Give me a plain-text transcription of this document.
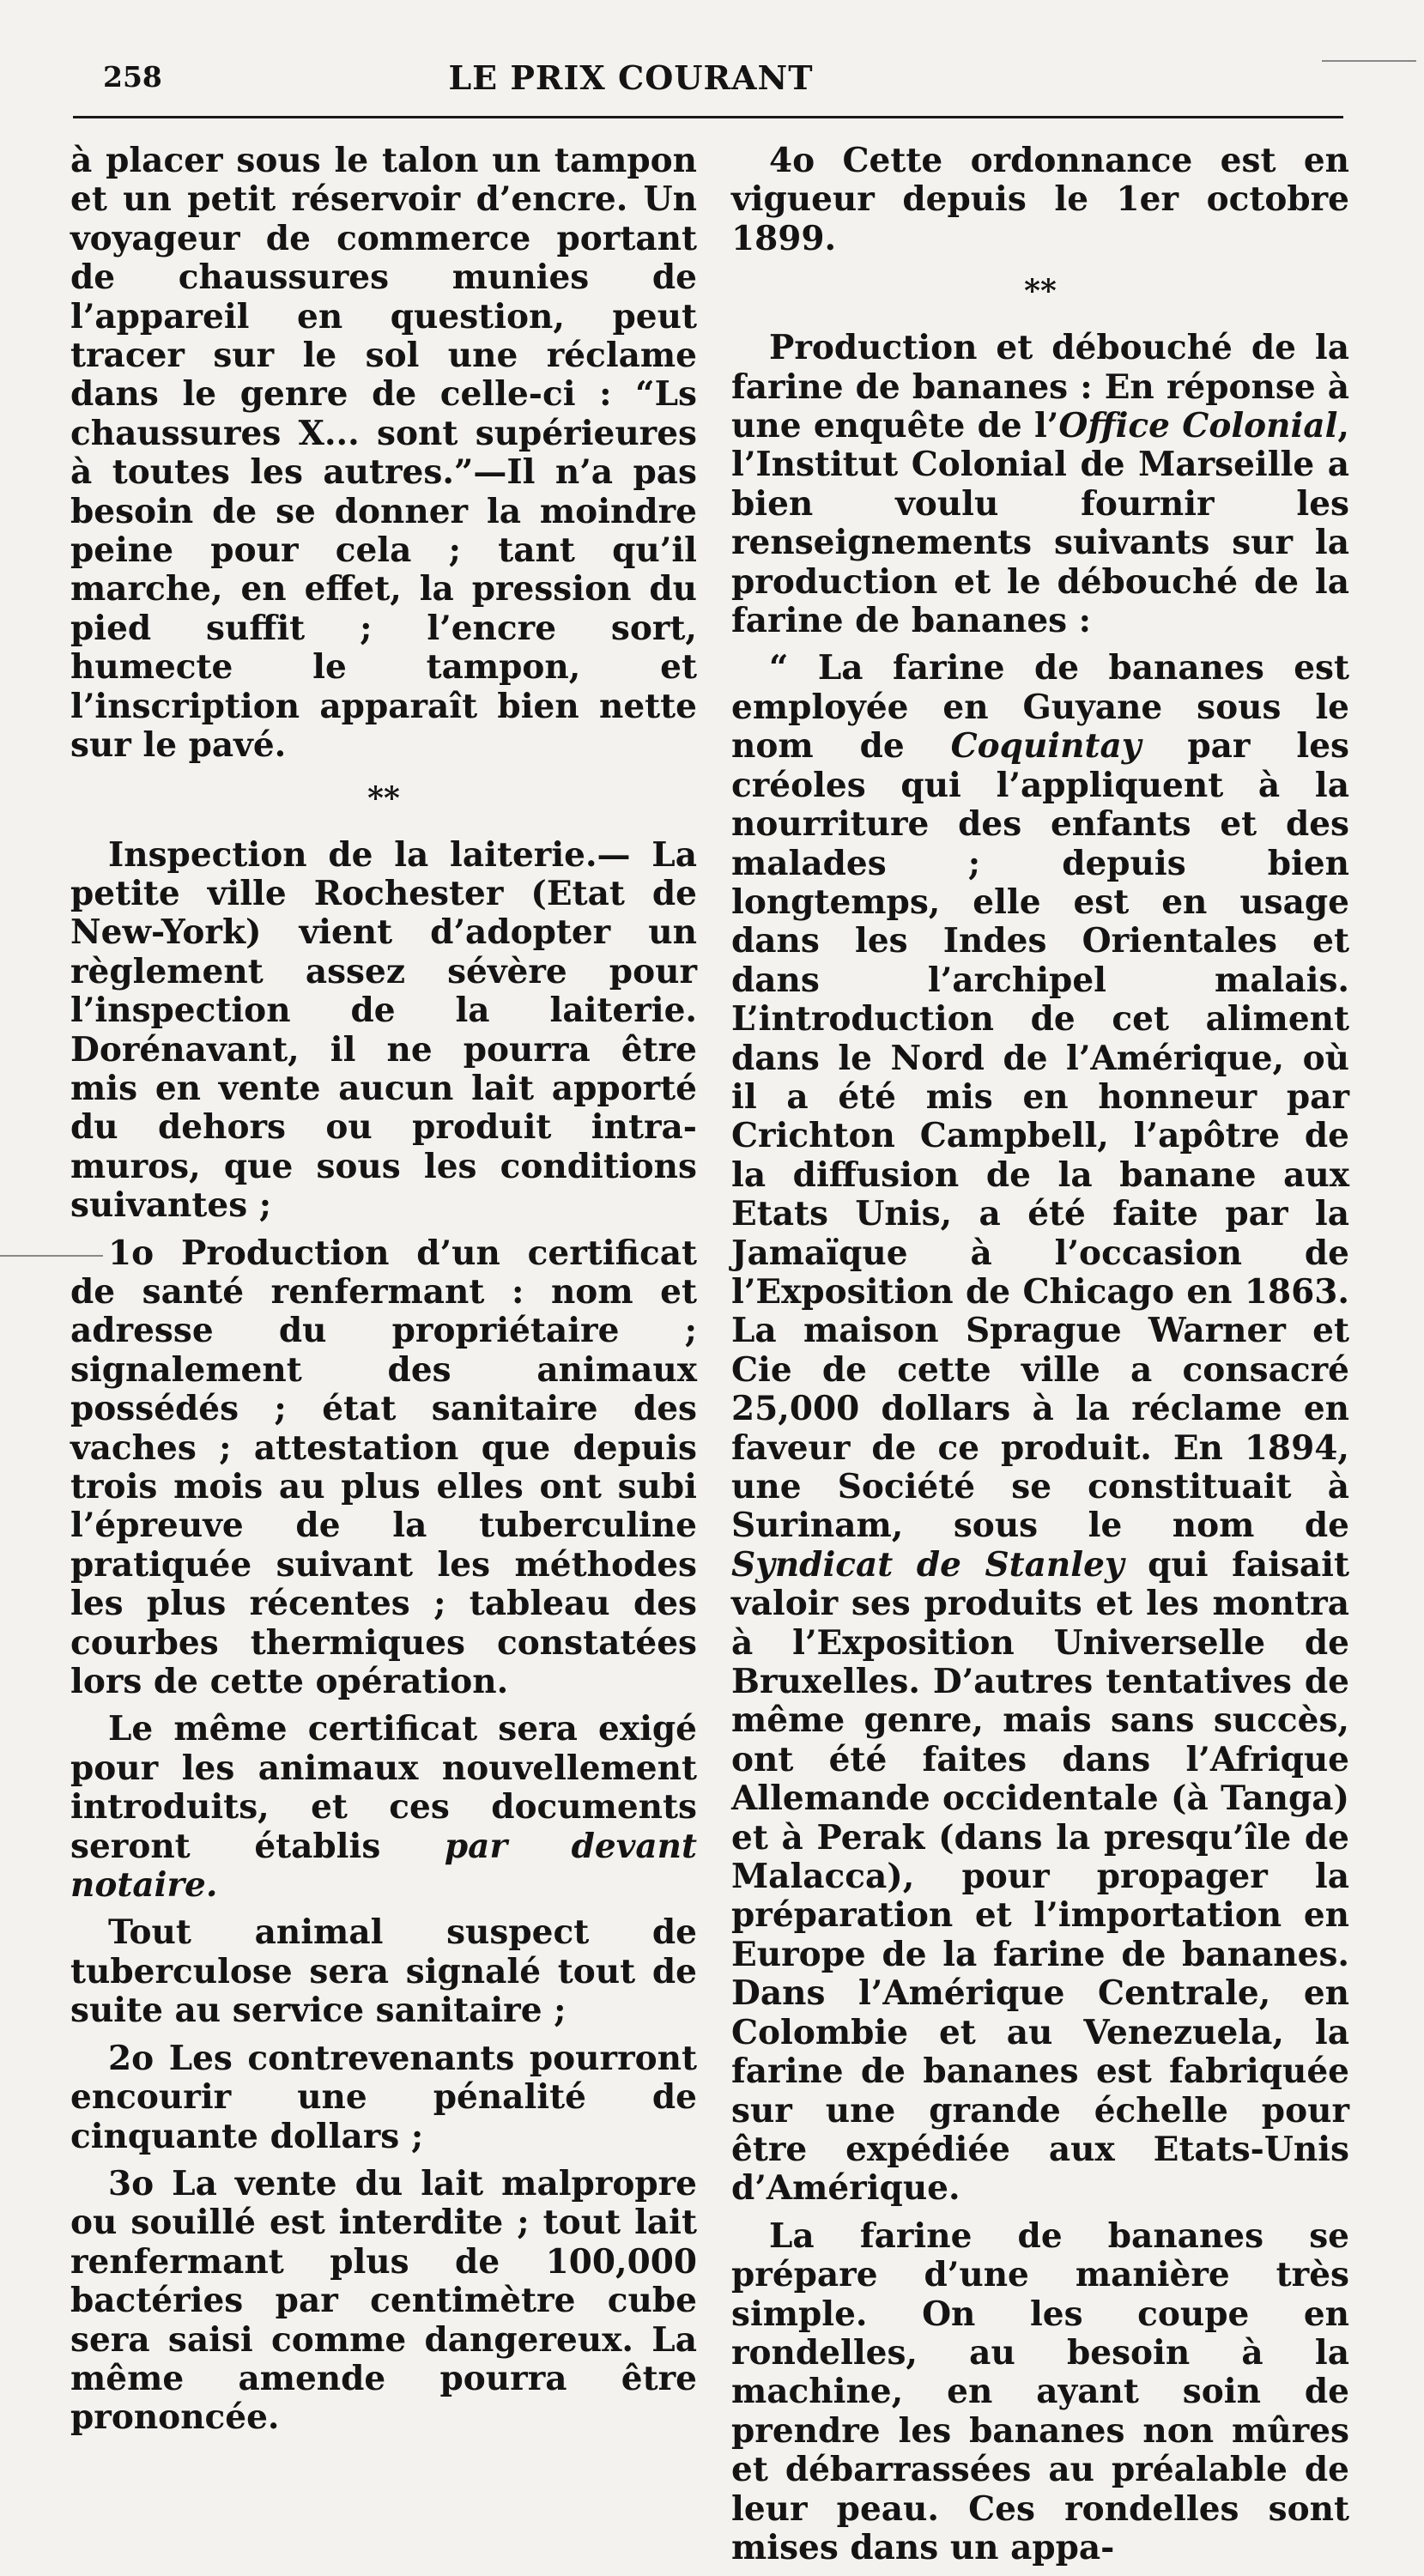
258	LE PRIX COURANT

à placer sous le talon un tampon et un petit réservoir d’encre. Un voyageur de commerce portant de chaussures munies de l’appareil en question, peut tracer sur le sol une réclame dans le genre de celle-ci : “Ls chaussures X... sont supérieures à toutes les autres.”—Il n’a pas besoin de se donner la moindre peine pour cela ; tant qu’il marche, en effet, la pression du pied suffit ; l’encre sort, humecte le tampon, et l’inscription apparaît bien nette sur le pavé.

**

Inspection de la laiterie.— La petite ville Rochester (Etat de New-York) vient d’adopter un règlement assez sévère pour l’inspection de la laiterie. Dorénavant, il ne pourra être mis en vente aucun lait apporté du dehors ou produit intra-muros, que sous les conditions suivantes ;

1o Production d’un certificat de santé renfermant : nom et adresse du propriétaire ; signalement des animaux possédés ; état sanitaire des vaches ; attestation que depuis trois mois au plus elles ont subi l’épreuve de la tuberculine pratiquée suivant les méthodes les plus récentes ; tableau des courbes thermiques constatées lors de cette opération.

Le même certificat sera exigé pour les animaux nouvellement introduits, et ces documents seront établis par devant notaire.

Tout animal suspect de tuberculose sera signalé tout de suite au service sanitaire ;

2o Les contrevenants pourront encourir une pénalité de cinquante dollars ;

3o La vente du lait malpropre ou souillé est interdite ; tout lait renfermant plus de 100,000 bactéries par centimètre cube sera saisi comme dangereux. La même amende pourra être prononcée.

4o Cette ordonnance est en vigueur depuis le 1er octobre 1899.

**

Production et débouché de la farine de bananes : En réponse à une enquête de l’Office Colonial, l’Institut Colonial de Marseille a bien voulu fournir les renseignements suivants sur la production et le débouché de la farine de bananes :

“ La farine de bananes est employée en Guyane sous le nom de Coquintay par les créoles qui l’appliquent à la nourriture des enfants et des malades ; depuis bien longtemps, elle est en usage dans les Indes Orientales et dans l’archipel malais. L’introduction de cet aliment dans le Nord de l’Amérique, où il a été mis en honneur par Crichton Campbell, l’apôtre de la diffusion de la banane aux Etats Unis, a été faite par la Jamaïque à l’occasion de l’Exposition de Chicago en 1863. La maison Sprague Warner et Cie de cette ville a consacré 25,000 dollars à la réclame en faveur de ce produit. En 1894, une Société se constituait à Surinam, sous le nom de Syndicat de Stanley qui faisait valoir ses produits et les montra à l’Exposition Universelle de Bruxelles. D’autres tentatives de même genre, mais sans succès, ont été faites dans l’Afrique Allemande occidentale (à Tanga) et à Perak (dans la presqu’île de Malacca), pour propager la préparation et l’importation en Europe de la farine de bananes. Dans l’Amérique Centrale, en Colombie et au Venezuela, la farine de bananes est fabriquée sur une grande échelle pour être expédiée aux Etats-Unis d’Amérique.

La farine de bananes se prépare d’une manière très simple. On les coupe en rondelles, au besoin à la machine, en ayant soin de prendre les bananes non mûres et débarrassées au préalable de leur peau. Ces rondelles sont mises dans un appa-
